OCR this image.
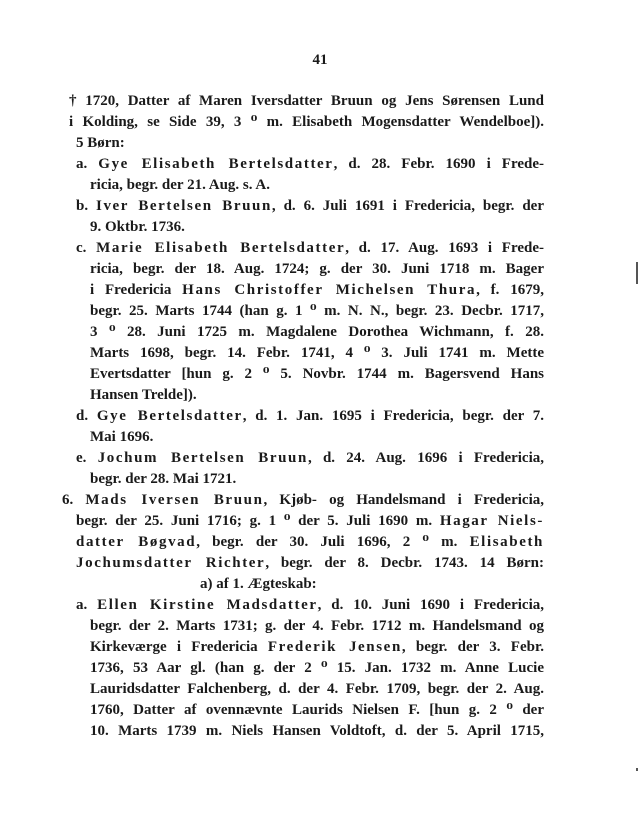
41
† 1720, Datter af Maren Iversdatter Bruun og Jens Sørensen Lund
i Kolding, se Side 39, 3 ⁰ m. Elisabeth Mogensdatter Wendelboe]).
5 Børn:
a. Gye Elisabeth Bertelsdatter, d. 28. Febr. 1690 i Frede-
ricia, begr. der 21. Aug. s. A.
b. Iver Bertelsen Bruun, d. 6. Juli 1691 i Fredericia, begr. der
9. Oktbr. 1736.
c. Marie Elisabeth Bertelsdatter, d. 17. Aug. 1693 i Frede-
ricia, begr. der 18. Aug. 1724; g. der 30. Juni 1718 m. Bager
i Fredericia Hans Christoffer Michelsen Thura, f. 1679,
begr. 25. Marts 1744 (han g. 1 ⁰ m. N. N., begr. 23. Decbr. 1717,
3 ⁰ 28. Juni 1725 m. Magdalene Dorothea Wichmann, f. 28.
Marts 1698, begr. 14. Febr. 1741, 4 ⁰ 3. Juli 1741 m. Mette
Evertsdatter [hun g. 2 ⁰ 5. Novbr. 1744 m. Bagersvend Hans
Hansen Trelde]).
d. Gye Bertelsdatter, d. 1. Jan. 1695 i Fredericia, begr. der 7.
Mai 1696.
e. Jochum Bertelsen Bruun, d. 24. Aug. 1696 i Fredericia,
begr. der 28. Mai 1721.
6. Mads Iversen Bruun, Kjøb- og Handelsmand i Fredericia,
begr. der 25. Juni 1716; g. 1 ⁰ der 5. Juli 1690 m. Hagar Niels-
datter Bøgvad, begr. der 30. Juli 1696, 2 ⁰ m. Elisabeth
Jochumsdatter Richter, begr. der 8. Decbr. 1743. 14 Børn:
a) af 1. Ægteskab:
a. Ellen Kirstine Madsdatter, d. 10. Juni 1690 i Fredericia,
begr. der 2. Marts 1731; g. der 4. Febr. 1712 m. Handelsmand og
Kirkeværge i Fredericia Frederik Jensen, begr. der 3. Febr.
1736, 53 Aar gl. (han g. der 2 ⁰ 15. Jan. 1732 m. Anne Lucie
Lauridsdatter Falchenberg, d. der 4. Febr. 1709, begr. der 2. Aug.
1760, Datter af ovennævnte Laurids Nielsen F. [hun g. 2 ⁰ der
10. Marts 1739 m. Niels Hansen Voldtoft, d. der 5. April 1715,
